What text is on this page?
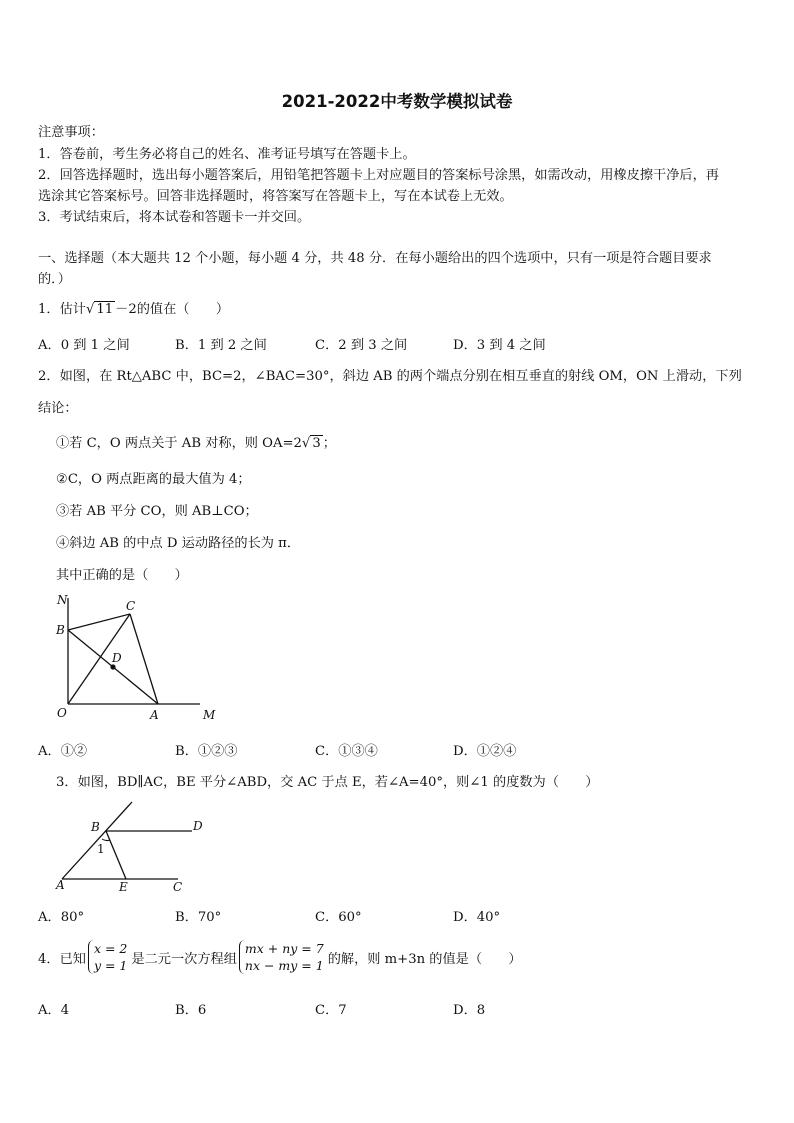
2021-2022中考数学模拟试卷
注意事项：
1．答卷前，考生务必将自己的姓名、准考证号填写在答题卡上。
2．回答选择题时，选出每小题答案后，用铅笔把答题卡上对应题目的答案标号涂黑，如需改动，用橡皮擦干净后，再
选涂其它答案标号。回答非选择题时，将答案写在答题卡上，写在本试卷上无效。
3．考试结束后，将本试卷和答题卡一并交回。
一、选择题（本大题共 12 个小题，每小题 4 分，共 48 分．在每小题给出的四个选项中，只有一项是符合题目要求
的．）
1．估计√ 11 －2的值在（　　）
A．0 到 1 之间	B．1 到 2 之间	C．2 到 3 之间	D．3 到 4 之间
2．如图，在 Rt△ABC 中，BC=2，∠BAC=30°，斜边 AB 的两个端点分别在相互垂直的射线 OM，ON 上滑动，下列
结论：
①若 C，O 两点关于 AB 对称，则 OA=2√ 3 ；
②C，O 两点距离的最大值为 4；
③若 AB 平分 CO，则 AB⊥CO；
④斜边 AB 的中点 D 运动路径的长为 π．
其中正确的是（　　）
N
B
C
D
O	A	M
A．①②	B．①②③	C．①③④	D．①②④
3．如图，BD∥AC，BE 平分∠ABD，交 AC 于点 E，若∠A=40°，则∠1 的度数为（　　）
B	D
1
A	E	C
A．80°	B．70°	C．60°	D．40°
4．已知
x = 2
y = 1 是二元一次方程组
mx + ny = 7
nx − my = 1 的解，则 m+3n 的值是（　　）
A．4	B．6	C．7	D．8
